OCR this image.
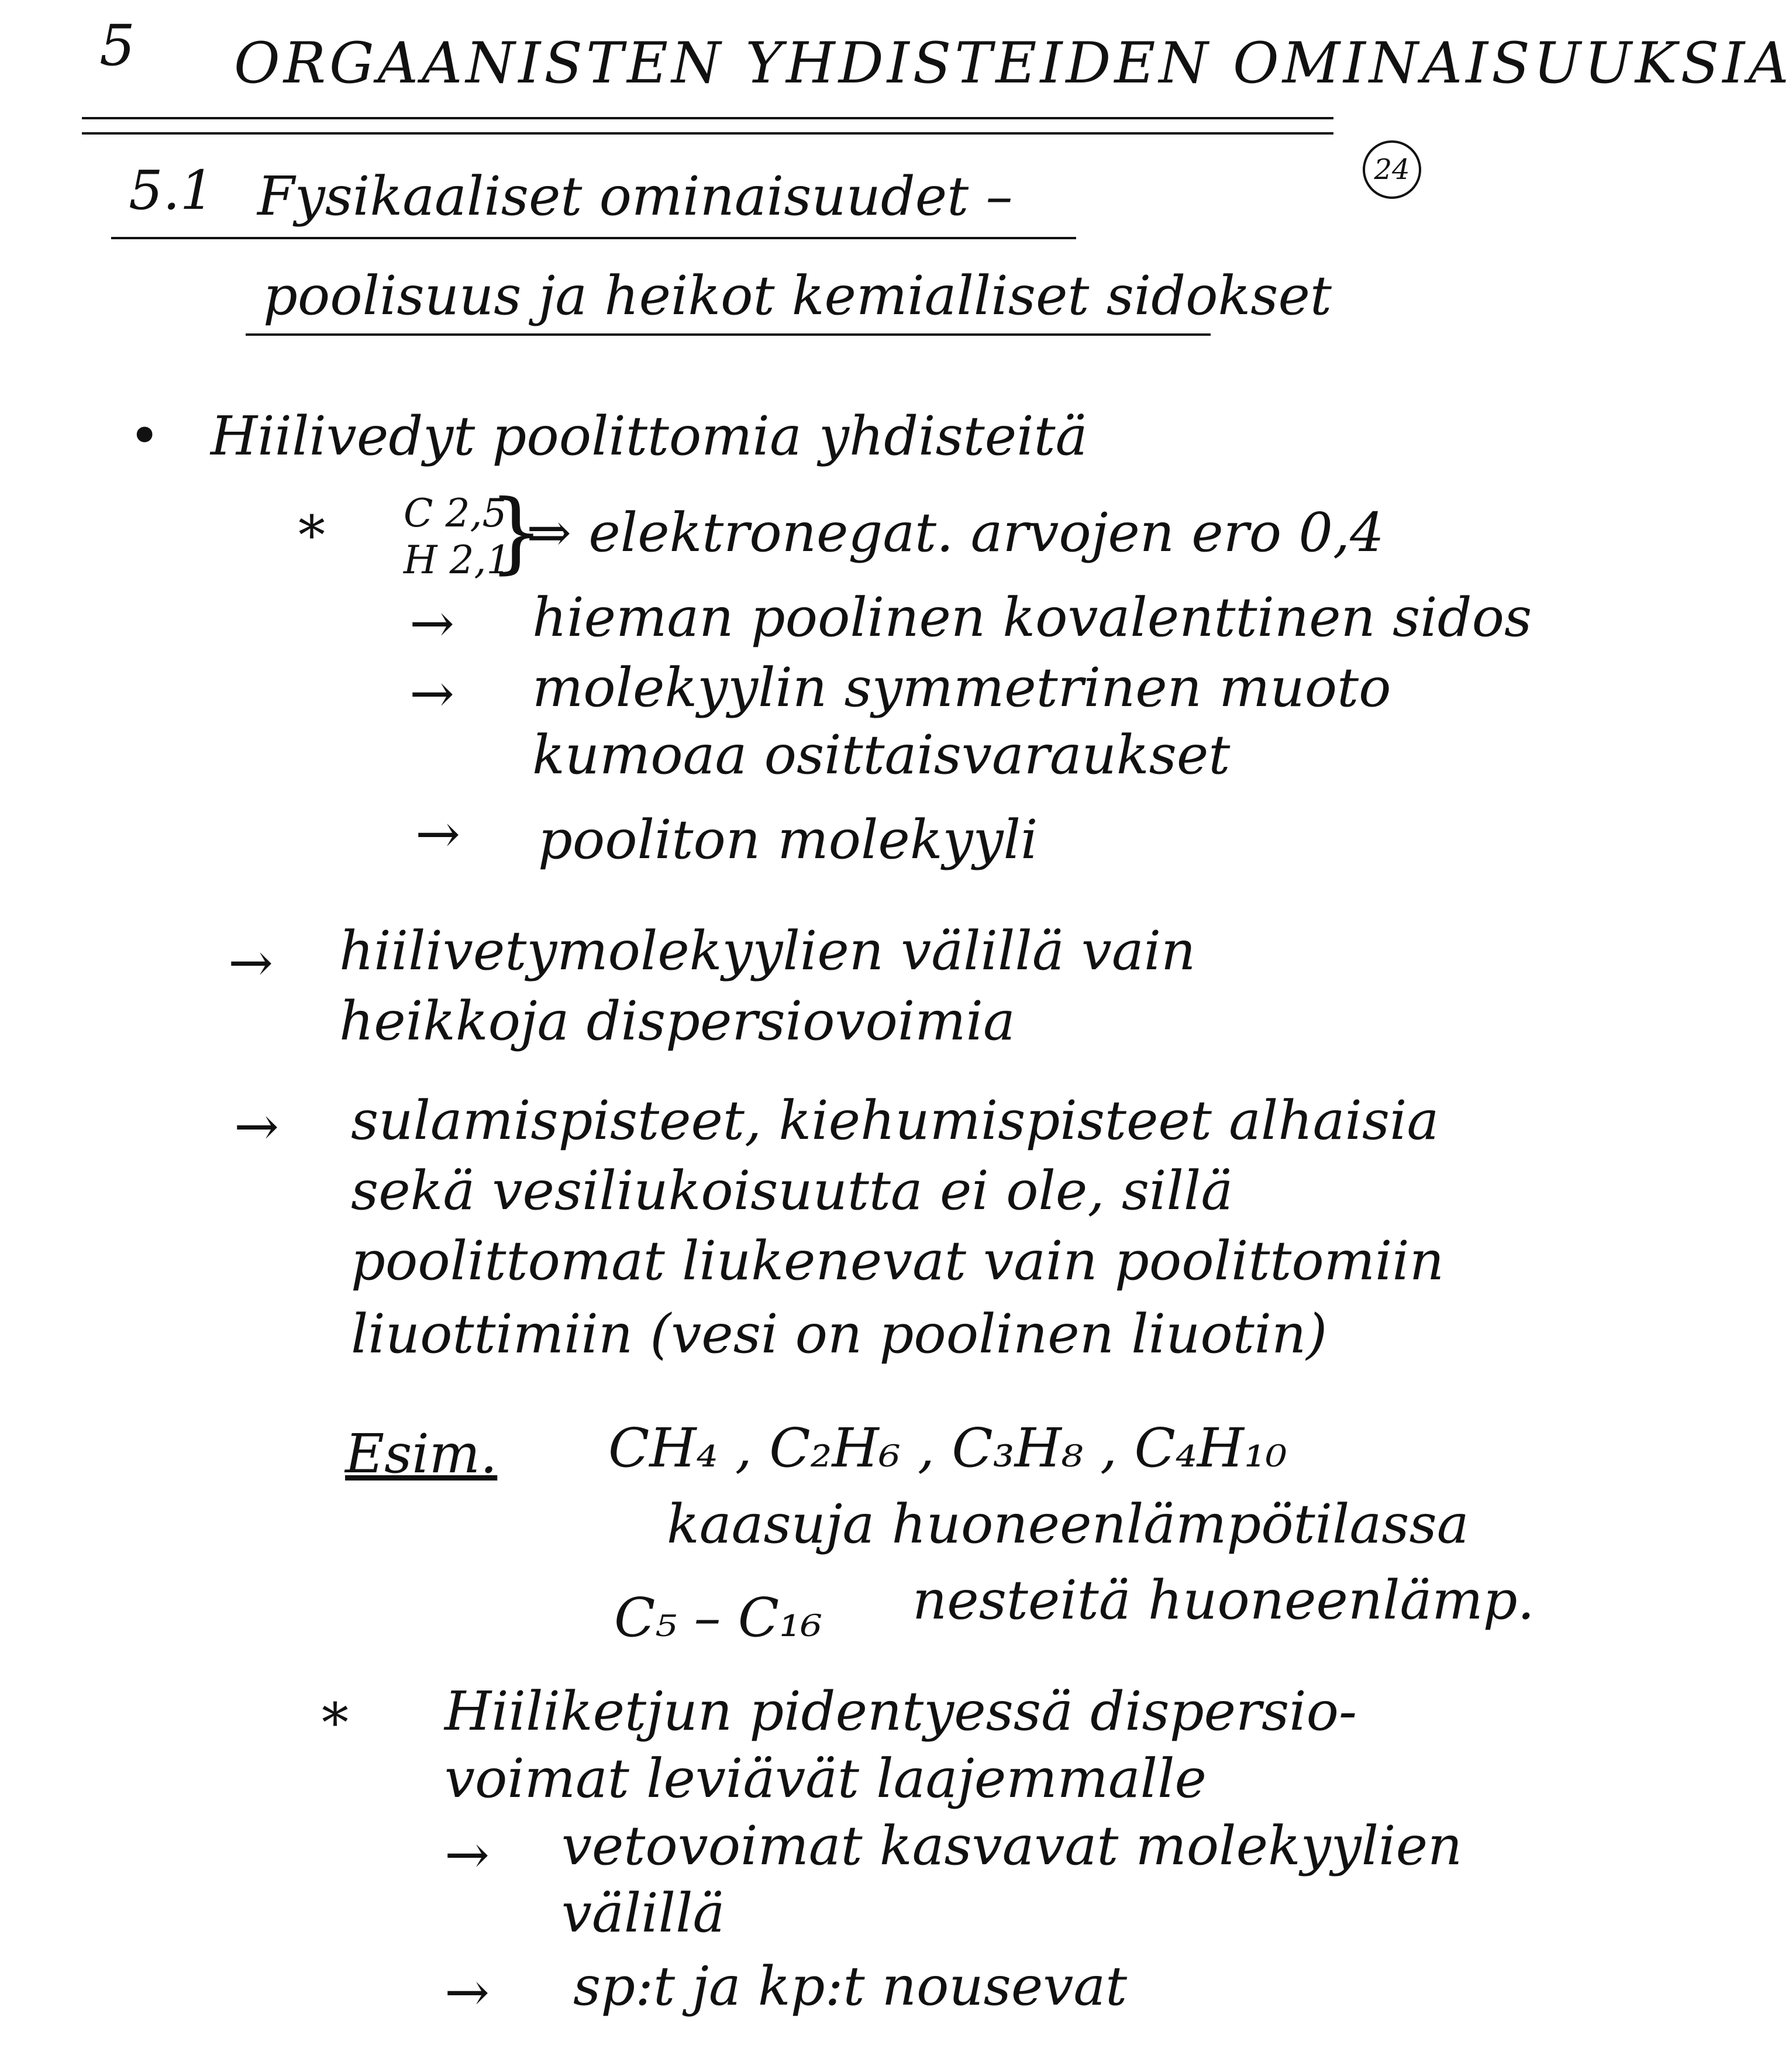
5 ORGAANISTEN YHDISTEIDEN OMINAISUUKSIA
24
5.1 Fysikaaliset ominaisuudet –
poolisuus ja heikot kemialliset sidokset
• Hiilivedyt poolittomia yhdisteitä
* C 2,5
H 2,1
}
⇒ elektronegat. arvojen ero 0,4
→ hieman poolinen kovalenttinen sidos
→ molekyylin symmetrinen muoto
kumoaa osittaisvaraukset
→ pooliton molekyyli
→ hiilivetymolekyylien välillä vain
heikkoja dispersiovoimia
→ sulamispisteet, kiehumispisteet alhaisia
sekä vesiliukoisuutta ei ole, sillä
poolittomat liukenevat vain poolittomiin
liuottimiin (vesi on poolinen liuotin)
Esim. CH₄ , C₂H₆ , C₃H₈ , C₄H₁₀
kaasuja huoneenlämpötilassa
C₅ – C₁₆ nesteitä huoneenlämp.
* Hiiliketjun pidentyessä dispersio-
voimat leviävät laajemmalle
→ vetovoimat kasvavat molekyylien
välillä
→ sp:t ja kp:t nousevat
